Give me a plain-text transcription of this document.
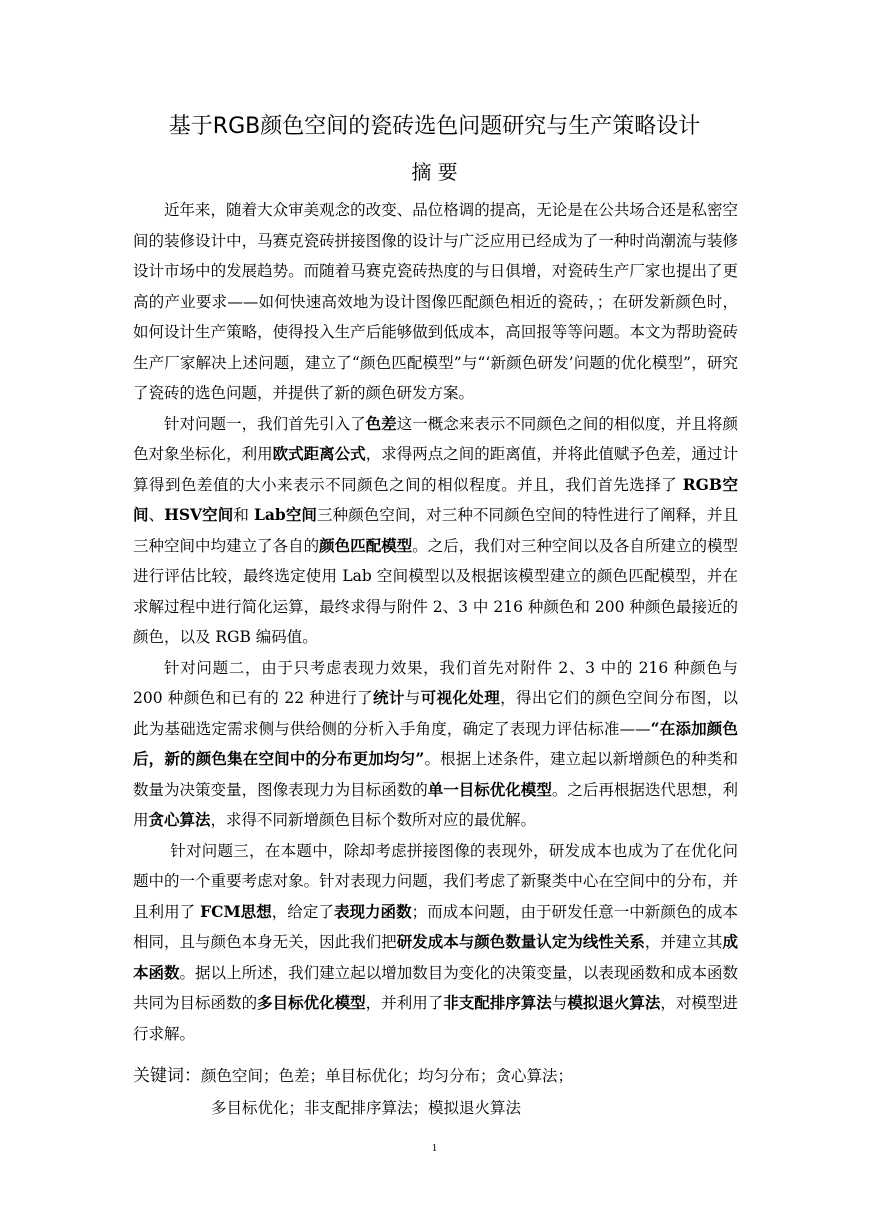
基于RGB颜色空间的瓷砖选色问题研究与生产策略设计
摘 要

近年来，随着大众审美观念的改变、品位格调的提高，无论是在公共场合还是私密空间的装修设计中，马赛克瓷砖拼接图像的设计与广泛应用已经成为了一种时尚潮流与装修设计市场中的发展趋势。而随着马赛克瓷砖热度的与日俱增，对瓷砖生产厂家也提出了更高的产业要求——如何快速高效地为设计图像匹配颜色相近的瓷砖，；在研发新颜色时，如何设计生产策略，使得投入生产后能够做到低成本，高回报等等问题。本文为帮助瓷砖生产厂家解决上述问题，建立了“颜色匹配模型”与“‘新颜色研发’问题的优化模型”，研究了瓷砖的选色问题，并提供了新的颜色研发方案。

针对问题一，我们首先引入了色差这一概念来表示不同颜色之间的相似度，并且将颜色对象坐标化，利用欧式距离公式，求得两点之间的距离值，并将此值赋予色差，通过计算得到色差值的大小来表示不同颜色之间的相似程度。并且，我们首先选择了 RGB空间、HSV空间和 Lab空间三种颜色空间，对三种不同颜色空间的特性进行了阐释，并且三种空间中均建立了各自的颜色匹配模型。之后，我们对三种空间以及各自所建立的模型进行评估比较，最终选定使用 Lab 空间模型以及根据该模型建立的颜色匹配模型，并在求解过程中进行简化运算，最终求得与附件 2、3 中 216 种颜色和 200 种颜色最接近的颜色，以及 RGB 编码值。

针对问题二，由于只考虑表现力效果，我们首先对附件 2、3 中的 216 种颜色与 200 种颜色和已有的 22 种进行了统计与可视化处理，得出它们的颜色空间分布图，以此为基础选定需求侧与供给侧的分析入手角度，确定了表现力评估标准——“在添加颜色后，新的颜色集在空间中的分布更加均匀”。根据上述条件，建立起以新增颜色的种类和数量为决策变量，图像表现力为目标函数的单一目标优化模型。之后再根据迭代思想，利用贪心算法，求得不同新增颜色目标个数所对应的最优解。

针对问题三，在本题中，除却考虑拼接图像的表现外，研发成本也成为了在优化问题中的一个重要考虑对象。针对表现力问题，我们考虑了新聚类中心在空间中的分布，并且利用了 FCM思想，给定了表现力函数；而成本问题，由于研发任意一中新颜色的成本相同，且与颜色本身无关，因此我们把研发成本与颜色数量认定为线性关系，并建立其成本函数。据以上所述，我们建立起以增加数目为变化的决策变量，以表现函数和成本函数共同为目标函数的多目标优化模型，并利用了非支配排序算法与模拟退火算法，对模型进行求解。

关键词：颜色空间；色差；单目标优化；均匀分布；贪心算法；
多目标优化；非支配排序算法；模拟退火算法
1
